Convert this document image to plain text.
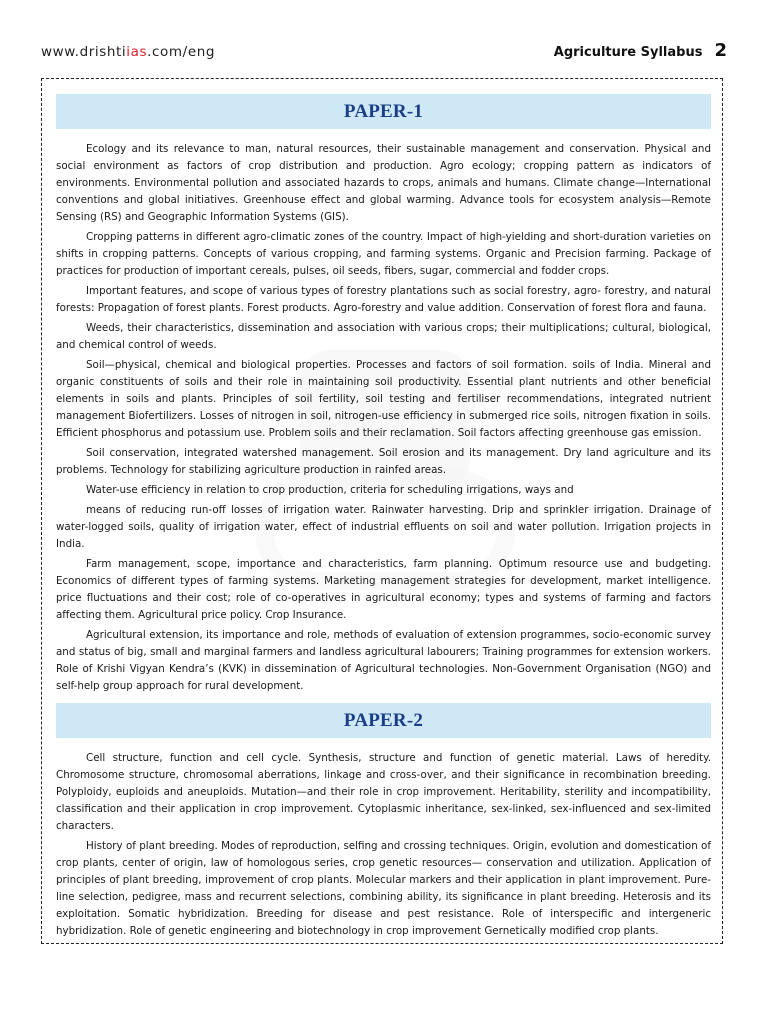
www.drishtiias.com/eng	Agriculture Syllabus 2
PAPER-1

Ecology and its relevance to man, natural resources, their sustainable management and conservation. Physical and social environment as factors of crop distribution and production. Agro ecology; cropping pattern as indicators of environments. Environmental pollution and associated hazards to crops, animals and humans. Climate change—International conventions and global initiatives. Greenhouse effect and global warming. Advance tools for ecosystem analysis—Remote Sensing (RS) and Geographic Information Systems (GIS).

Cropping patterns in different agro-climatic zones of the country. Impact of high-yielding and short-duration varieties on shifts in cropping patterns. Concepts of various cropping, and farming systems. Organic and Precision farming. Package of practices for production of important cereals, pulses, oil seeds, fibers, sugar, commercial and fodder crops.

Important features, and scope of various types of forestry plantations such as social forestry, agro- forestry, and natural forests: Propagation of forest plants. Forest products. Agro-forestry and value addition. Conservation of forest flora and fauna.

Weeds, their characteristics, dissemination and association with various crops; their multiplications; cultural, biological, and chemical control of weeds.

Soil—physical, chemical and biological properties. Processes and factors of soil formation. soils of India. Mineral and organic constituents of soils and their role in maintaining soil productivity. Essential plant nutrients and other beneficial elements in soils and plants. Principles of soil fertility, soil testing and fertiliser recommendations, integrated nutrient management Biofertilizers. Losses of nitrogen in soil, nitrogen-use efficiency in submerged rice soils, nitrogen fixation in soils. Efficient phosphorus and potassium use. Problem soils and their reclamation. Soil factors affecting greenhouse gas emission.

Soil conservation, integrated watershed management. Soil erosion and its management. Dry land agriculture and its problems. Technology for stabilizing agriculture production in rainfed areas.

Water-use efficiency in relation to crop production, criteria for scheduling irrigations, ways and

means of reducing run-off losses of irrigation water. Rainwater harvesting. Drip and sprinkler irrigation. Drainage of water-logged soils, quality of irrigation water, effect of industrial effluents on soil and water pollution. Irrigation projects in India.

Farm management, scope, importance and characteristics, farm planning. Optimum resource use and budgeting. Economics of different types of farming systems. Marketing management strategies for development, market intelligence. price fluctuations and their cost; role of co-operatives in agricultural economy; types and systems of farming and factors affecting them. Agricultural price policy. Crop Insurance.

Agricultural extension, its importance and role, methods of evaluation of extension programmes, socio-economic survey and status of big, small and marginal farmers and landless agricultural labourers; Training programmes for extension workers. Role of Krishi Vigyan Kendra’s (KVK) in dissemination of Agricultural technologies. Non-Government Organisation (NGO) and self-help group approach for rural development.

PAPER-2

Cell structure, function and cell cycle. Synthesis, structure and function of genetic material. Laws of heredity. Chromosome structure, chromosomal aberrations, linkage and cross-over, and their significance in recombination breeding. Polyploidy, euploids and aneuploids. Mutation—and their role in crop improvement. Heritability, sterility and incompatibility, classification and their application in crop improvement. Cytoplasmic inheritance, sex-linked, sex-influenced and sex-limited characters.

History of plant breeding. Modes of reproduction, selfing and crossing techniques. Origin, evolution and domestication of crop plants, center of origin, law of homologous series, crop genetic resources— conservation and utilization. Application of principles of plant breeding, improvement of crop plants. Molecular markers and their application in plant improvement. Pure-line selection, pedigree, mass and recurrent selections, combining ability, its significance in plant breeding. Heterosis and its exploitation. Somatic hybridization. Breeding for disease and pest resistance. Role of interspecific and intergeneric hybridization. Role of genetic engineering and biotechnology in crop improvement Gernetically modified crop plants.
